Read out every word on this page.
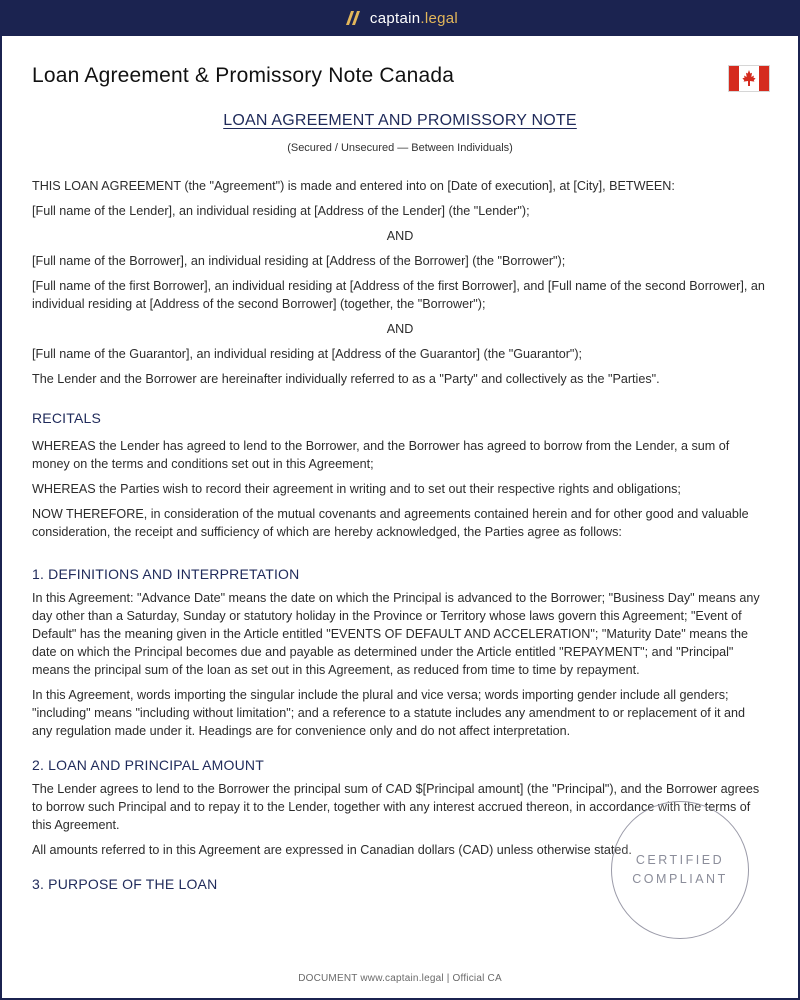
captain .legal
Loan Agreement & Promissory Note Canada
LOAN AGREEMENT AND PROMISSORY NOTE
(Secured / Unsecured — Between Individuals)

THIS LOAN AGREEMENT (the "Agreement") is made and entered into on [Date of execution], at [City], BETWEEN:

[Full name of the Lender], an individual residing at [Address of the Lender] (the "Lender");

AND

[Full name of the Borrower], an individual residing at [Address of the Borrower] (the "Borrower");

[Full name of the first Borrower], an individual residing at [Address of the first Borrower], and [Full name of the second Borrower], an individual residing at [Address of the second Borrower] (together, the "Borrower");

AND

[Full name of the Guarantor], an individual residing at [Address of the Guarantor] (the "Guarantor");

The Lender and the Borrower are hereinafter individually referred to as a "Party" and collectively as the "Parties".

RECITALS

WHEREAS the Lender has agreed to lend to the Borrower, and the Borrower has agreed to borrow from the Lender, a sum of money on the terms and conditions set out in this Agreement;

WHEREAS the Parties wish to record their agreement in writing and to set out their respective rights and obligations;

NOW THEREFORE, in consideration of the mutual covenants and agreements contained herein and for other good and valuable consideration, the receipt and sufficiency of which are hereby acknowledged, the Parties agree as follows:

1. DEFINITIONS AND INTERPRETATION

In this Agreement: "Advance Date" means the date on which the Principal is advanced to the Borrower; "Business Day" means any day other than a Saturday, Sunday or statutory holiday in the Province or Territory whose laws govern this Agreement; "Event of Default" has the meaning given in the Article entitled "EVENTS OF DEFAULT AND ACCELERATION"; "Maturity Date" means the date on which the Principal becomes due and payable as determined under the Article entitled "REPAYMENT"; and "Principal" means the principal sum of the loan as set out in this Agreement, as reduced from time to time by repayment.

In this Agreement, words importing the singular include the plural and vice versa; words importing gender include all genders; "including" means "including without limitation"; and a reference to a statute includes any amendment to or replacement of it and any regulation made under it. Headings are for convenience only and do not affect interpretation.

2. LOAN AND PRINCIPAL AMOUNT

The Lender agrees to lend to the Borrower the principal sum of CAD $[Principal amount] (the "Principal"), and the Borrower agrees to borrow such Principal and to repay it to the Lender, together with any interest accrued thereon, in accordance with the terms of this Agreement.

All amounts referred to in this Agreement are expressed in Canadian dollars (CAD) unless otherwise stated.

3. PURPOSE OF THE LOAN
CERTIFIED
COMPLIANT
DOCUMENT www.captain.legal | Official CA
